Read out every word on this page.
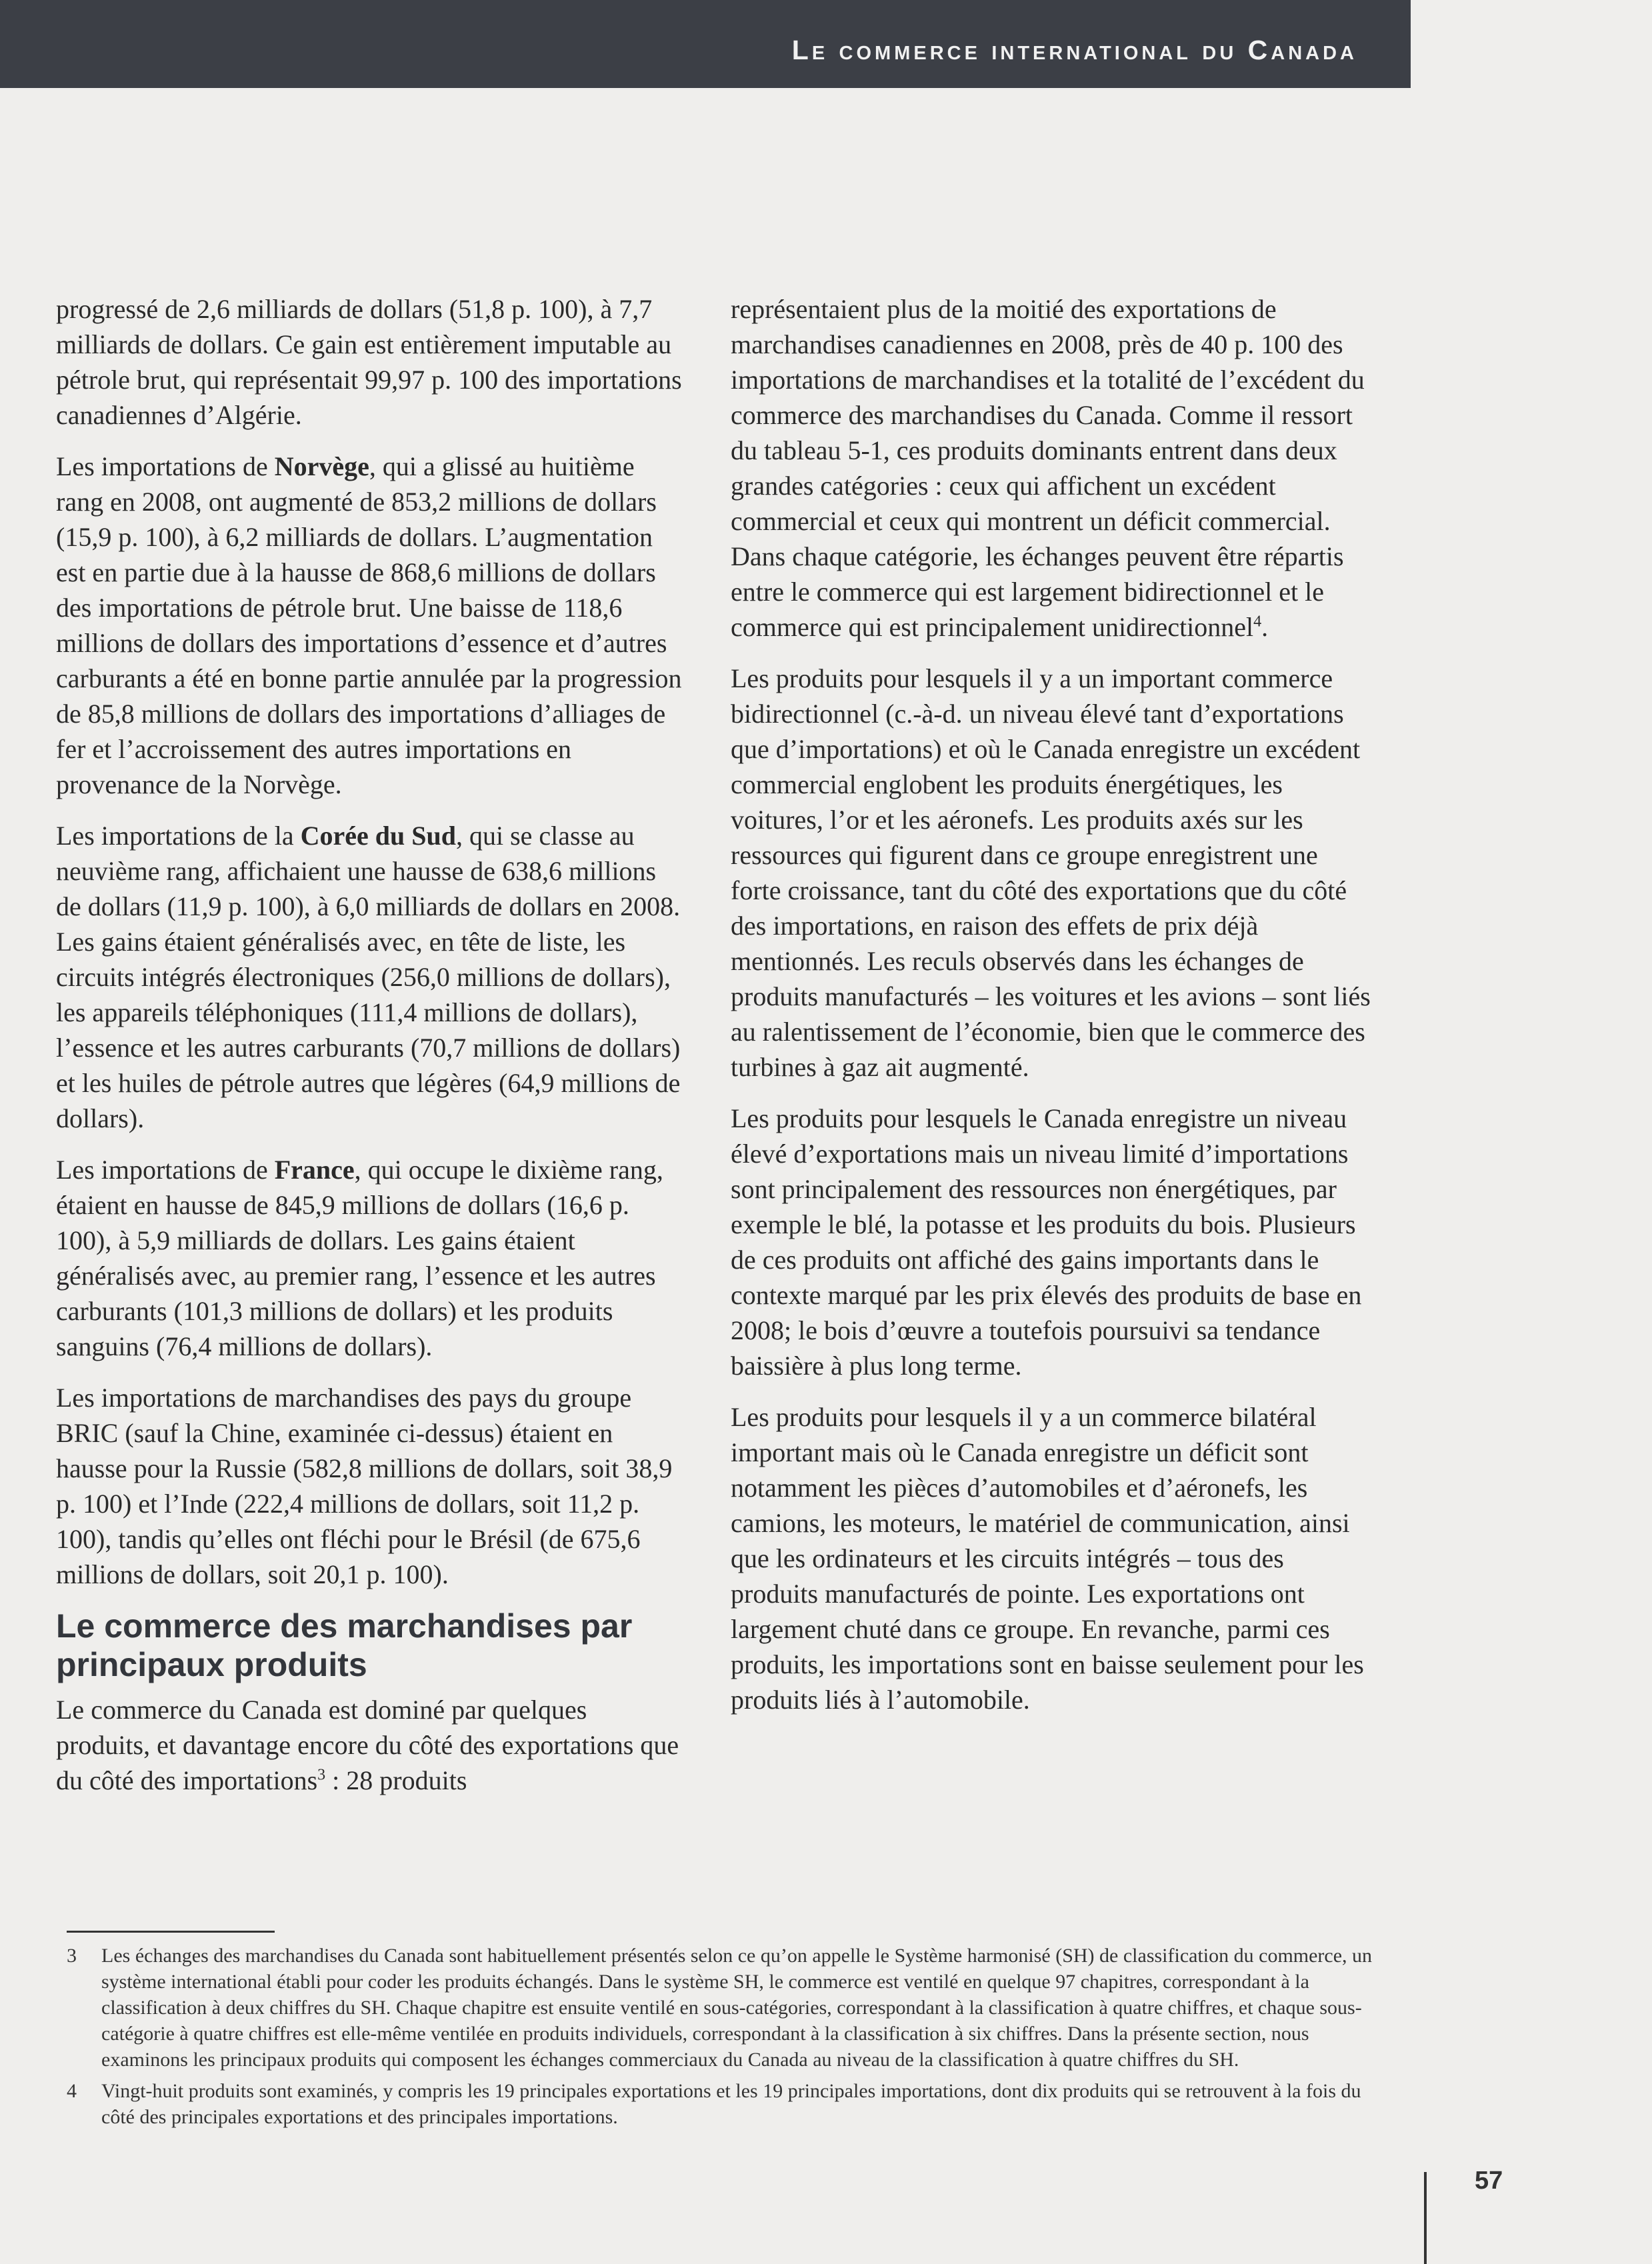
Le commerce international du Canada

progressé de 2,6 milliards de dollars (51,8 p. 100), à 7,7 milliards de dollars. Ce gain est entièrement imputable au pétrole brut, qui représentait 99,97 p. 100 des importations canadiennes d’Algérie.

Les importations de Norvège, qui a glissé au huitième rang en 2008, ont augmenté de 853,2 millions de dollars (15,9 p. 100), à 6,2 milliards de dollars. L’augmentation est en partie due à la hausse de 868,6 millions de dollars des importations de pétrole brut. Une baisse de 118,6 millions de dollars des importations d’essence et d’autres carburants a été en bonne partie annulée par la progression de 85,8 millions de dollars des importations d’alliages de fer et l’accroissement des autres importations en provenance de la Norvège.

Les importations de la Corée du Sud, qui se classe au neuvième rang, affichaient une hausse de 638,6 millions de dollars (11,9 p. 100), à 6,0 milliards de dollars en 2008. Les gains étaient généralisés avec, en tête de liste, les circuits intégrés électroniques (256,0 millions de dollars), les appareils téléphoniques (111,4 millions de dollars), l’essence et les autres carburants (70,7 millions de dollars) et les huiles de pétrole autres que légères (64,9 millions de dollars).

Les importations de France, qui occupe le dixième rang, étaient en hausse de 845,9 millions de dollars (16,6 p. 100), à 5,9 milliards de dollars. Les gains étaient généralisés avec, au premier rang, l’essence et les autres carburants (101,3 millions de dollars) et les produits sanguins (76,4 millions de dollars).

Les importations de marchandises des pays du groupe BRIC (sauf la Chine, examinée ci-dessus) étaient en hausse pour la Russie (582,8 millions de dollars, soit 38,9 p. 100) et l’Inde (222,4 millions de dollars, soit 11,2 p. 100), tandis qu’elles ont fléchi pour le Brésil (de 675,6 millions de dollars, soit 20,1 p. 100).

Le commerce des marchandises par principaux produits

Le commerce du Canada est dominé par quelques produits, et davantage encore du côté des exportations que du côté des importations$^3$ : 28 produits

représentaient plus de la moitié des exportations de marchandises canadiennes en 2008, près de 40 p. 100 des importations de marchandises et la totalité de l’excédent du commerce des marchandises du Canada. Comme il ressort du tableau 5-1, ces produits dominants entrent dans deux grandes catégories : ceux qui affichent un excédent commercial et ceux qui montrent un déficit commercial. Dans chaque catégorie, les échanges peuvent être répartis entre le commerce qui est largement bidirectionnel et le commerce qui est principalement unidirectionnel$^4$.

Les produits pour lesquels il y a un important commerce bidirectionnel (c.-à-d. un niveau élevé tant d’exportations que d’importations) et où le Canada enregistre un excédent commercial englobent les produits énergétiques, les voitures, l’or et les aéronefs. Les produits axés sur les ressources qui figurent dans ce groupe enregistrent une forte croissance, tant du côté des exportations que du côté des importations, en raison des effets de prix déjà mentionnés. Les reculs observés dans les échanges de produits manufacturés – les voitures et les avions – sont liés au ralentissement de l’économie, bien que le commerce des turbines à gaz ait augmenté.

Les produits pour lesquels le Canada enregistre un niveau élevé d’exportations mais un niveau limité d’importations sont principalement des ressources non énergétiques, par exemple le blé, la potasse et les produits du bois. Plusieurs de ces produits ont affiché des gains importants dans le contexte marqué par les prix élevés des produits de base en 2008; le bois d’œuvre a toutefois poursuivi sa tendance baissière à plus long terme.

Les produits pour lesquels il y a un commerce bilatéral important mais où le Canada enregistre un déficit sont notamment les pièces d’automobiles et d’aéronefs, les camions, les moteurs, le matériel de communication, ainsi que les ordinateurs et les circuits intégrés – tous des produits manufacturés de pointe. Les exportations ont largement chuté dans ce groupe. En revanche, parmi ces produits, les importations sont en baisse seulement pour les produits liés à l’automobile.

3	Les échanges des marchandises du Canada sont habituellement présentés selon ce qu’on appelle le Système harmonisé (SH) de classification du commerce, un système international établi pour coder les produits échangés. Dans le système SH, le commerce est ventilé en quelque 97 chapitres, correspondant à la classification à deux chiffres du SH. Chaque chapitre est ensuite ventilé en sous-catégories, correspondant à la classification à quatre chiffres, et chaque sous-catégorie à quatre chiffres est elle-même ventilée en produits individuels, correspondant à la classification à six chiffres. Dans la présente section, nous examinons les principaux produits qui composent les échanges commerciaux du Canada au niveau de la classification à quatre chiffres du SH.
4	Vingt-huit produits sont examinés, y compris les 19 principales exportations et les 19 principales importations, dont dix produits qui se retrouvent à la fois du côté des principales exportations et des principales importations.
57
